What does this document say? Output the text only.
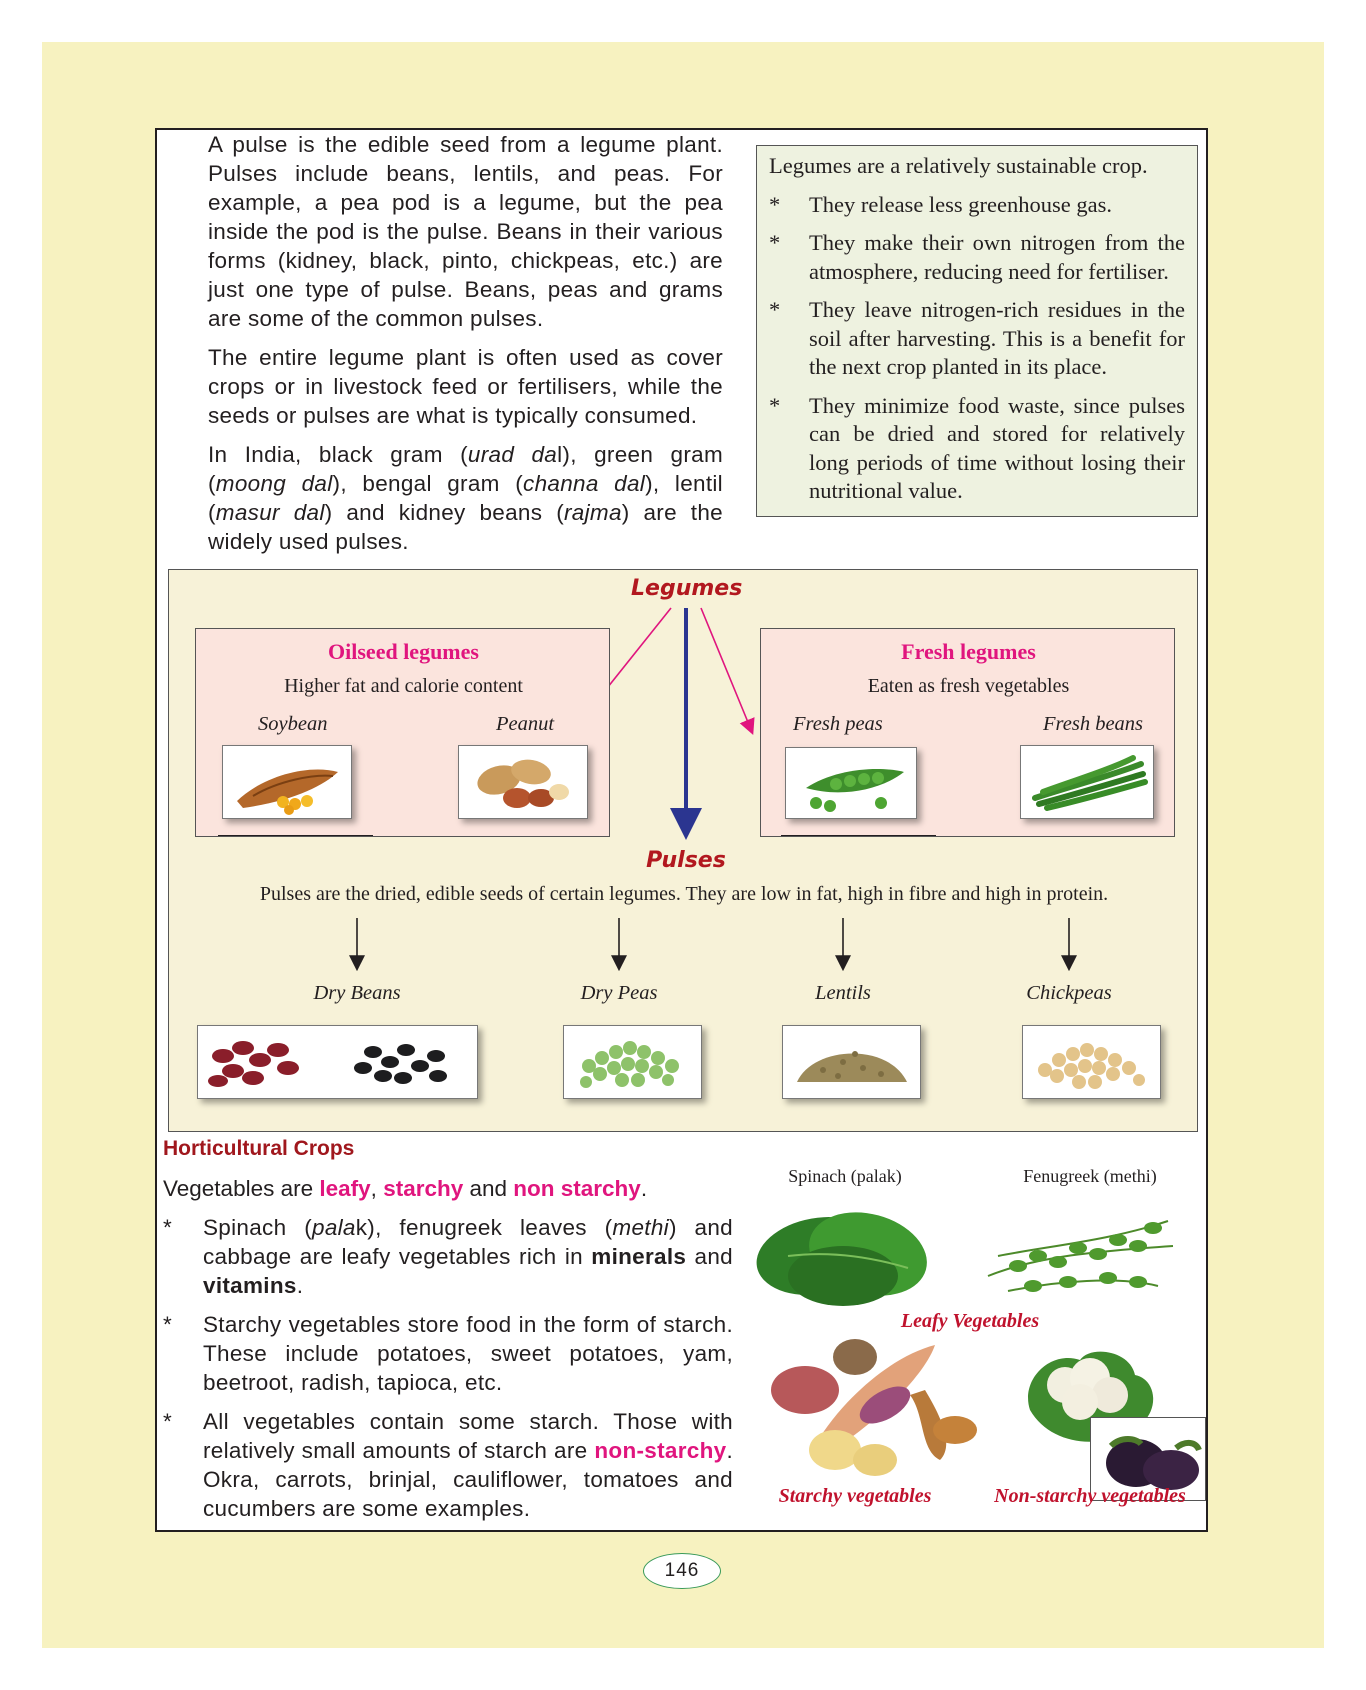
A pulse is the edible seed from a legume plant. Pulses include beans, lentils, and peas. For example, a pea pod is a legume, but the pea inside the pod is the pulse. Beans in their various forms (kidney, black, pinto, chickpeas, etc.) are just one type of pulse. Beans, peas and grams are some of the common pulses.

The entire legume plant is often used as cover crops or in livestock feed or fertilisers, while the seeds or pulses are what is typically consumed.

In India, black gram (urad dal), green gram (moong dal), bengal gram (channa dal), lentil (masur dal) and kidney beans (rajma) are the widely used pulses.

Legumes are a relatively sustainable crop.
*	They release less greenhouse gas.
*	They make their own nitrogen from the atmosphere, reducing need for fertiliser.
*	They leave nitrogen-rich residues in the soil after harvesting. This is a benefit for the next crop planted in its place.
*	They minimize food waste, since pulses can be dried and stored for relatively long periods of time without losing their nutritional value.
Legumes
Oilseed legumes
Higher fat and calorie content
Soybean	Peanut
Fresh legumes
Eaten as fresh vegetables
Fresh peas	Fresh beans
Pulses
Pulses are the dried, edible seeds of certain legumes. They are low in fat, high in fibre and high in protein.
Dry Beans	Dry Peas	Lentils	Chickpeas
Horticultural Crops
Vegetables are leafy, starchy and non starchy.
*	Spinach (palak), fenugreek leaves (methi) and cabbage are leafy vegetables rich in minerals and vitamins.
*	Starchy vegetables store food in the form of starch. These include potatoes, sweet potatoes, yam, beetroot, radish, tapioca, etc.
*	All vegetables contain some starch. Those with relatively small amounts of starch are non-starchy. Okra, carrots, brinjal, cauliflower, tomatoes and cucumbers are some examples.
Spinach (palak)	Fenugreek (methi)
Leafy Vegetables
Starchy vegetables	Non-starchy vegetables
146
